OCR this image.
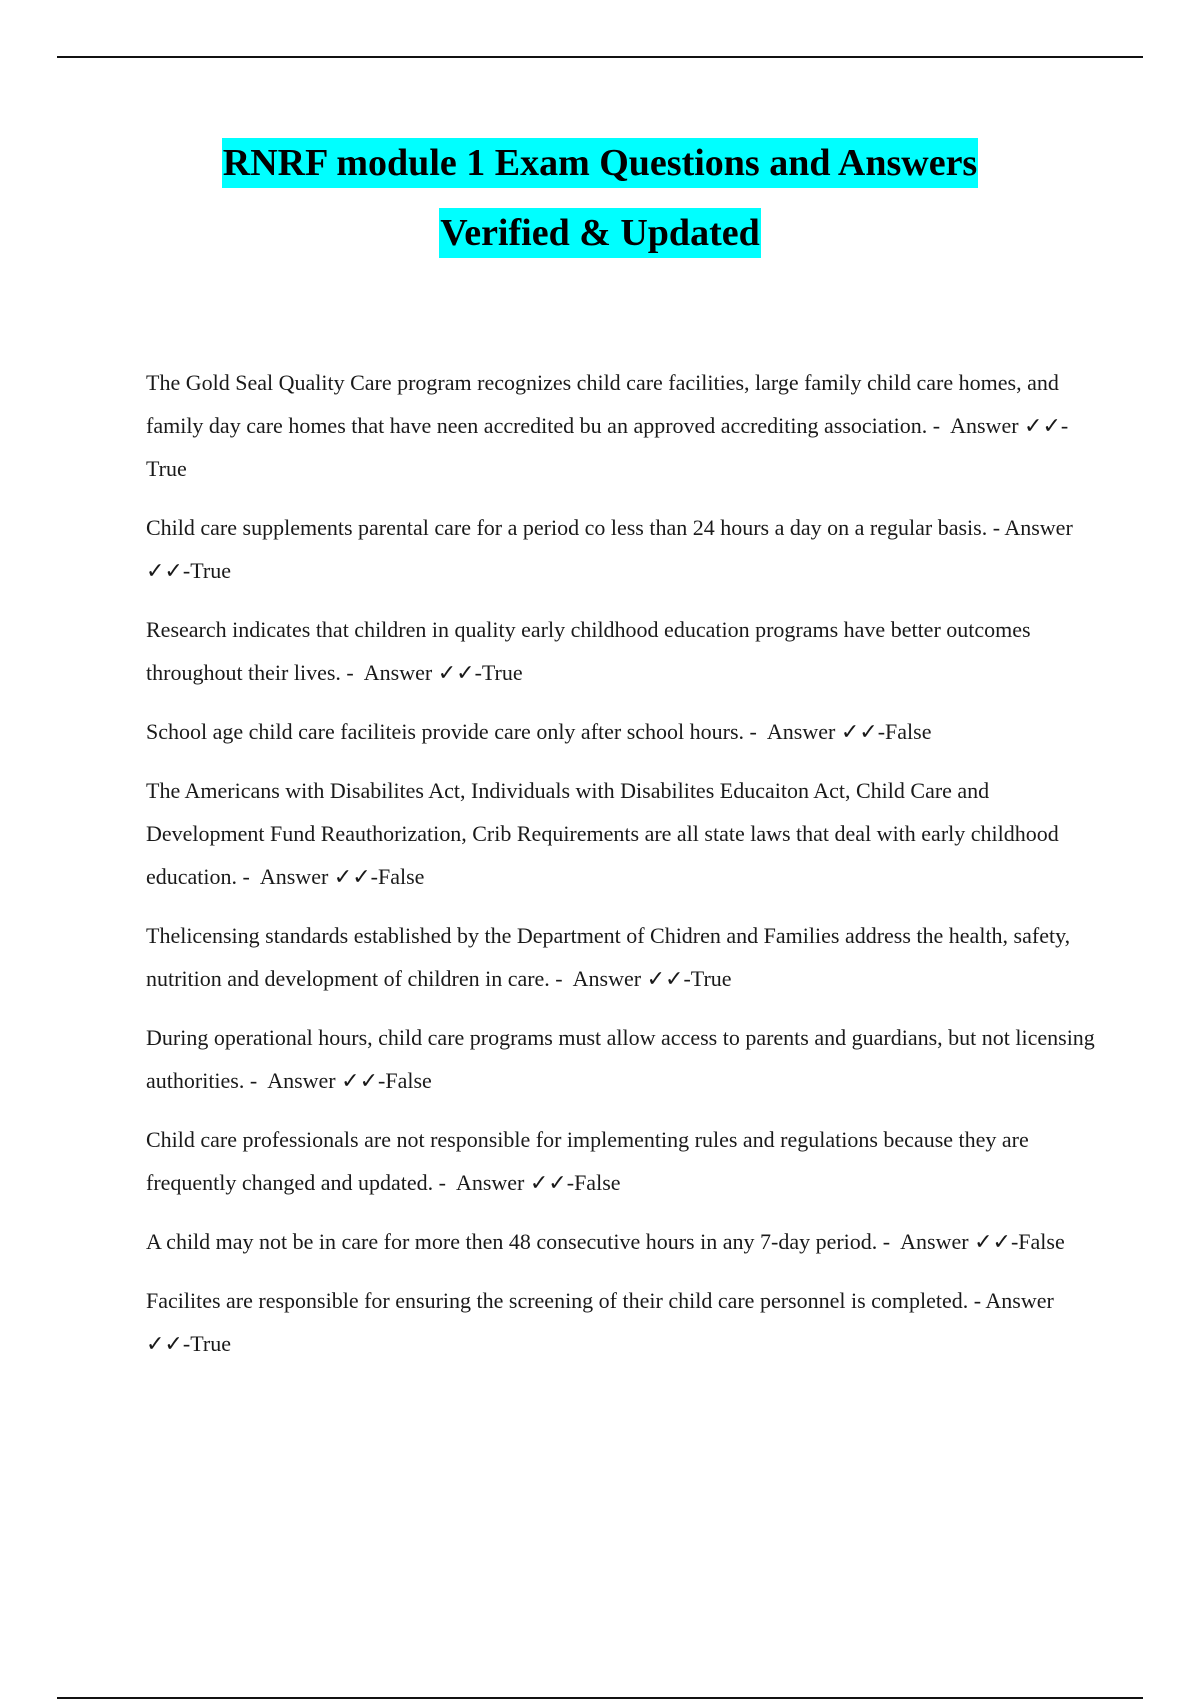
RNRF module 1 Exam Questions and Answers
Verified & Updated

The Gold Seal Quality Care program recognizes child care facilities, large family child care homes, and family day care homes that have neen accredited bu an approved accrediting association. - Answer ✓✓-True

Child care supplements parental care for a period co less than 24 hours a day on a regular basis. - Answer ✓✓-True

Research indicates that children in quality early childhood education programs have better outcomes throughout their lives. - Answer ✓✓-True

School age child care faciliteis provide care only after school hours. - Answer ✓✓-False

The Americans with Disabilites Act, Individuals with Disabilites Educaiton Act, Child Care and Development Fund Reauthorization, Crib Requirements are all state laws that deal with early childhood education. - Answer ✓✓-False

Thelicensing standards established by the Department of Chidren and Families address the health, safety, nutrition and development of children in care. - Answer ✓✓-True

During operational hours, child care programs must allow access to parents and guardians, but not licensing authorities. - Answer ✓✓-False

Child care professionals are not responsible for implementing rules and regulations because they are frequently changed and updated. - Answer ✓✓-False

A child may not be in care for more then 48 consecutive hours in any 7-day period. - Answer ✓✓-False

Facilites are responsible for ensuring the screening of their child care personnel is completed. - Answer ✓✓-True
